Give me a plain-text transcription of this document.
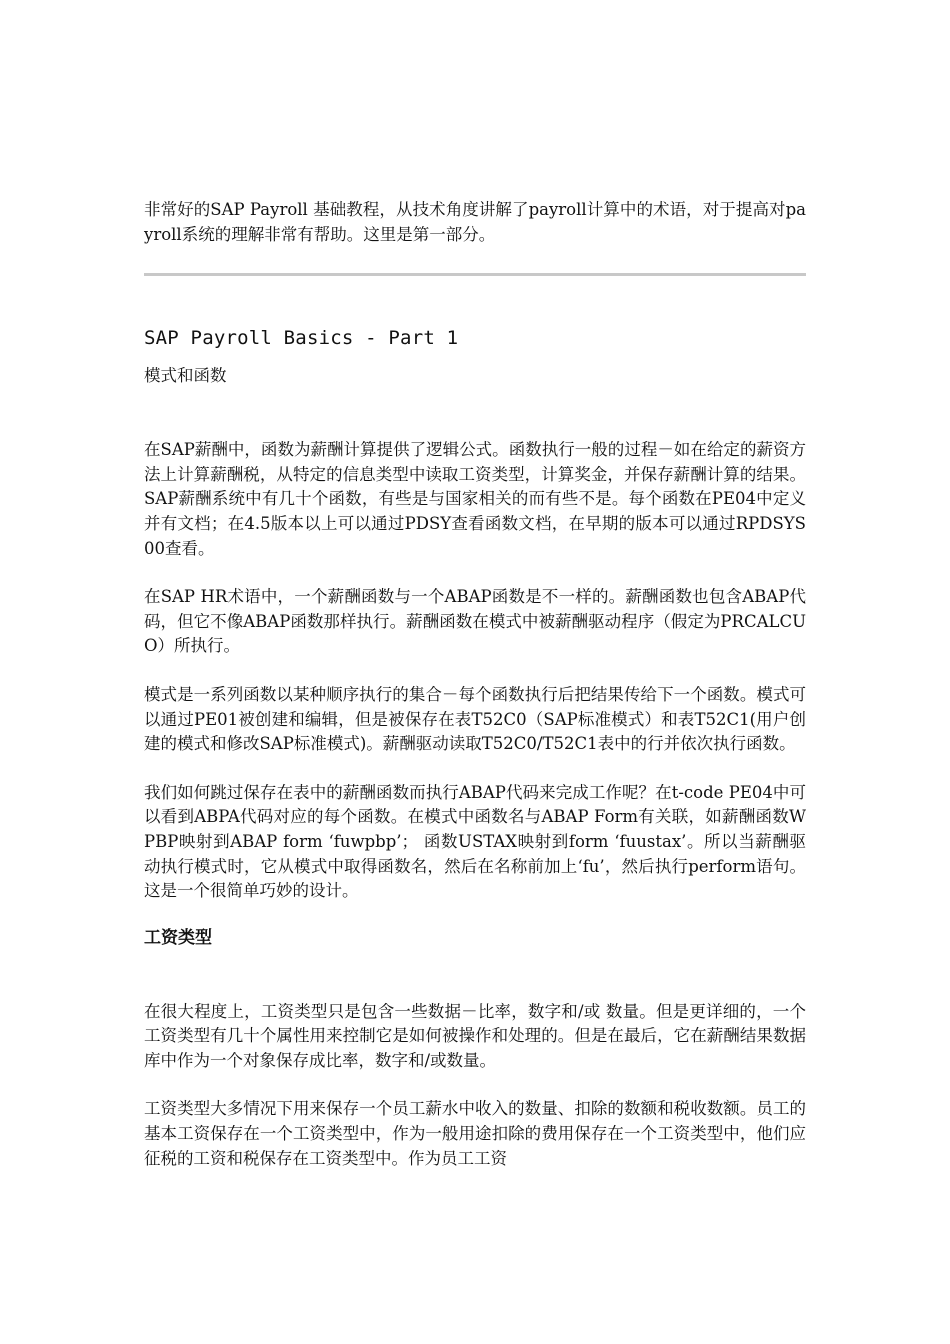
非常好的SAP Payroll 基础教程，从技术角度讲解了payroll计算中的术语，对于提高对payroll系统的理解非常有帮助。这里是第一部分。

SAP Payroll Basics - Part 1
模式和函数

在SAP薪酬中，函数为薪酬计算提供了逻辑公式。函数执行一般的过程－如在给定的薪资方法上计算薪酬税，从特定的信息类型中读取工资类型，计算奖金，并保存薪酬计算的结果。SAP薪酬系统中有几十个函数，有些是与国家相关的而有些不是。每个函数在PE04中定义并有文档；在4.5版本以上可以通过PDSY查看函数文档，在早期的版本可以通过RPDSYS00查看。

在SAP HR术语中，一个薪酬函数与一个ABAP函数是不一样的。薪酬函数也包含ABAP代码，但它不像ABAP函数那样执行。薪酬函数在模式中被薪酬驱动程序（假定为PRCALCUO）所执行。

模式是一系列函数以某种顺序执行的集合－每个函数执行后把结果传给下一个函数。模式可以通过PE01被创建和编辑，但是被保存在表T52C0（SAP标准模式）和表T52C1(用户创建的模式和修改SAP标准模式)。薪酬驱动读取T52C0/T52C1表中的行并依次执行函数。

我们如何跳过保存在表中的薪酬函数而执行ABAP代码来完成工作呢？在t-code PE04中可以看到ABPA代码对应的每个函数。在模式中函数名与ABAP Form有关联，如薪酬函数WPBP映射到ABAP form ‘fuwpbp’； 函数USTAX映射到form ‘fuustax’。所以当薪酬驱动执行模式时，它从模式中取得函数名，然后在名称前加上‘fu’，然后执行perform语句。这是一个很简单巧妙的设计。

工资类型

在很大程度上，工资类型只是包含一些数据－比率，数字和/或 数量。但是更详细的，一个工资类型有几十个属性用来控制它是如何被操作和处理的。但是在最后，它在薪酬结果数据库中作为一个对象保存成比率，数字和/或数量。

工资类型大多情况下用来保存一个员工薪水中收入的数量、扣除的数额和税收数额。员工的基本工资保存在一个工资类型中，作为一般用途扣除的费用保存在一个工资类型中，他们应征税的工资和税保存在工资类型中。作为员工工资
